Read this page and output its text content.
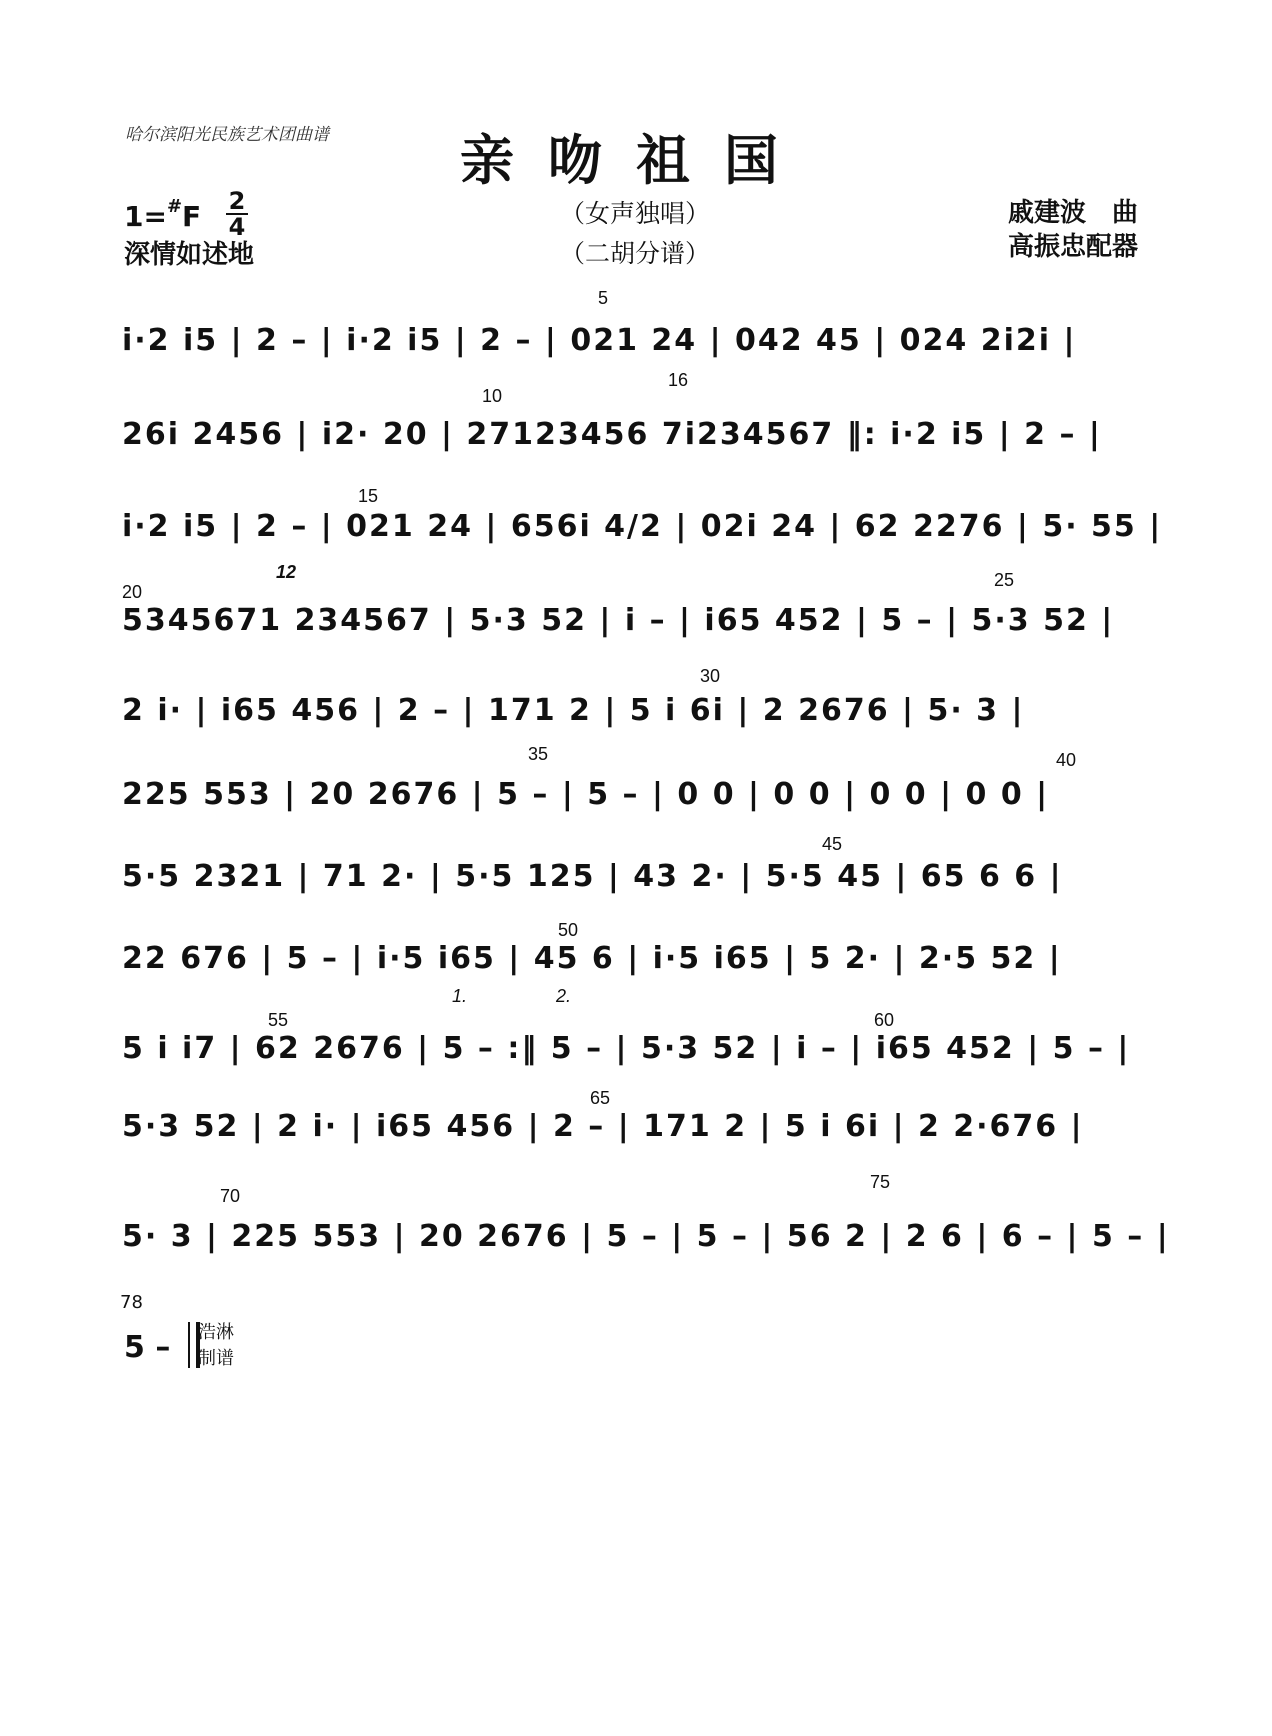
哈尔滨阳光民族艺术团曲谱	亲吻祖国
1=#F 2
4
深情如述地
（女声独唱）
（二胡分谱）
戚建波　曲
高振忠配器
5
i·2 i5 | 2 – | i·2 i5 | 2 – | 021 24 | 042 45 | 024 2i2i |
10
16
26i 2456 | i2· 20 | 27123456 7i234567 ‖: i·2 i5 | 2 – |
15
i·2 i5 | 2 – | 021 24 | 656i 4/2 | 02i 24 | 62 2276 | 5· 55 |
20
12	25
5345671 234567 | 5·3 52 | i – | i65 452 | 5 – | 5·3 52 |
30
2 i· | i65 456 | 2 – | 171 2 | 5 i 6i | 2 2676 | 5· 3 |
35	40
225 553 | 20 2676 | 5 – | 5 – | 0 0 | 0 0 | 0 0 | 0 0 |
45
5·5 2321 | 71 2· | 5·5 125 | 43 2· | 5·5 45 | 65 6 6 |
50
22 676 | 5 – | i·5 i65 | 45 6 | i·5 i65 | 5 2· | 2·5 52 |
55
1.	2.
60
5 i i7 | 62 2676 | 5 – :‖ 5 – | 5·3 52 | i – | i65 452 | 5 – |
65
5·3 52 | 2 i· | i65 456 | 2 – | 171 2 | 5 i 6i | 2 2·676 |
70
75
5· 3 | 225 553 | 20 2676 | 5 – | 5 – | 56 2 | 2 6 | 6 – | 5 – |
78
5 – 浩淋
制谱
